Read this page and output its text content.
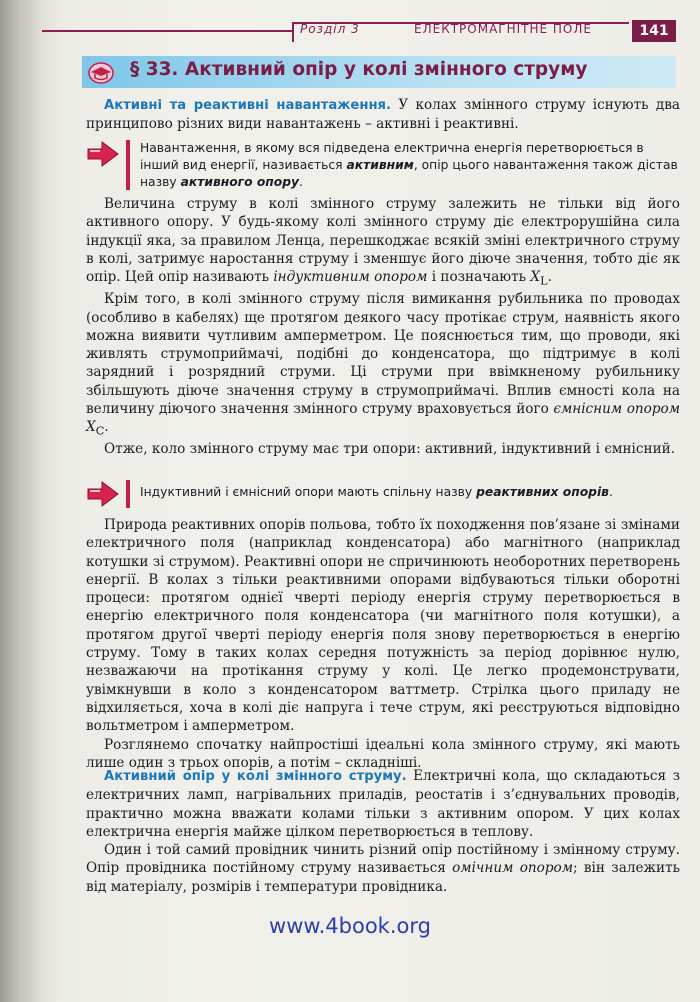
Розділ 3	ЕЛЕКТРОМАГНІТНЕ ПОЛЕ	141
§ 33. Активний опір у колі змінного струму

Активні та реактивні навантаження. У колах змінного струму існують два принципово різних види навантажень – активні і реактивні.

Навантаження, в якому вся підведена електрична енергія перетворюється в інший вид енергії, називається активним, опір цього навантаження також дістав назву активного опору.

Величина струму в колі змінного струму залежить не тільки від його активного опору. У будь-якому колі змінного струму діє електрорушійна сила індукції яка, за правилом Ленца, перешкоджає всякій зміні електричного струму в колі, затримує наростання струму і зменшує його діюче значення, тобто діє як опір. Цей опір називають індуктивним опором і позначають $X_L$.

Крім того, в колі змінного струму після вимикання рубильника по проводах (особливо в кабелях) ще протягом деякого часу протікає струм, наявність якого можна виявити чутливим амперметром. Це пояснюється тим, що проводи, які живлять струмоприймачі, подібні до конденсатора, що підтримує в колі зарядний і розрядний струми. Ці струми при ввімкненому рубильнику збільшують діюче значення струму в струмоприймачі. Вплив ємності кола на величину діючого значення змінного струму враховується його ємнісним опором $X_C$.

Отже, коло змінного струму має три опори: активний, індуктивний і ємнісний.

Індуктивний і ємнісний опори мають спільну назву реактивних опорів.

Природа реактивних опорів польова, тобто їх походження пов’язане зі змінами електричного поля (наприклад конденсатора) або магнітного (наприклад котушки зі струмом). Реактивні опори не спричинюють необоротних перетворень енергії. В колах з тільки реактивними опорами відбуваються тільки оборотні процеси: протягом однієї чверті періоду енергія струму перетворюється в енергію електричного поля конденсатора (чи магнітного поля котушки), а протягом другої чверті періоду енергія поля знову перетворюється в енергію струму. Тому в таких колах середня потужність за період дорівнює нулю, незважаючи на протікання струму у колі. Це легко продемонструвати, увімкнувши в коло з конденсатором ваттметр. Стрілка цього приладу не відхиляється, хоча в колі діє напруга і тече струм, які реєструються відповідно вольтметром і амперметром.

Розглянемо спочатку найпростіші ідеальні кола змінного струму, які мають лише один з трьох опорів, а потім – складніші.

Активний опір у колі змінного струму. Електричні кола, що складаються з електричних ламп, нагрівальних приладів, реостатів і з’єднувальних проводів, практично можна вважати колами тільки з активним опором. У цих колах електрична енергія майже цілком перетворюється в теплову.

Один і той самий провідник чинить різний опір постійному і змінному струму. Опір провідника постійному струму називається омічним опором; він залежить від матеріалу, розмірів і температури провідника.

www.4book.org
